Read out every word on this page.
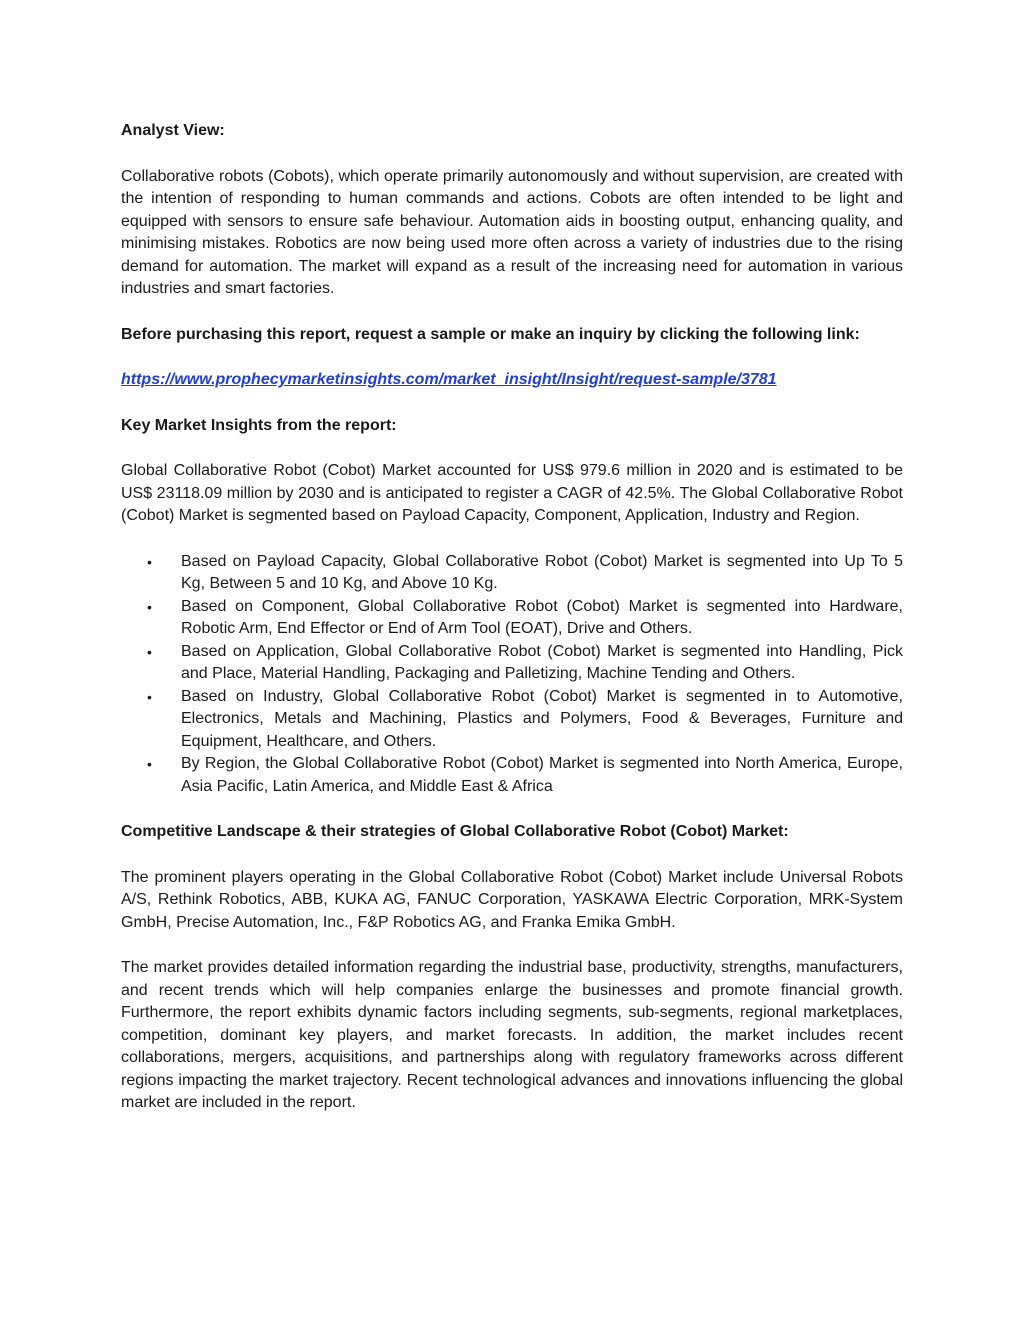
Analyst View:
Collaborative robots (Cobots), which operate primarily autonomously and without supervision, are created with the intention of responding to human commands and actions. Cobots are often intended to be light and equipped with sensors to ensure safe behaviour. Automation aids in boosting output, enhancing quality, and minimising mistakes. Robotics are now being used more often across a variety of industries due to the rising demand for automation. The market will expand as a result of the increasing need for automation in various industries and smart factories.
Before purchasing this report, request a sample or make an inquiry by clicking the following link:
https://www.prophecymarketinsights.com/market_insight/Insight/request-sample/3781
Key Market Insights from the report:
Global Collaborative Robot (Cobot) Market accounted for US$ 979.6 million in 2020 and is estimated to be US$ 23118.09 million by 2030 and is anticipated to register a CAGR of 42.5%. The Global Collaborative Robot (Cobot) Market is segmented based on Payload Capacity, Component, Application, Industry and Region.
• Based on Payload Capacity, Global Collaborative Robot (Cobot) Market is segmented into Up To 5 Kg, Between 5 and 10 Kg, and Above 10 Kg.
• Based on Component, Global Collaborative Robot (Cobot) Market is segmented into Hardware, Robotic Arm, End Effector or End of Arm Tool (EOAT), Drive and Others.
• Based on Application, Global Collaborative Robot (Cobot) Market is segmented into Handling, Pick and Place, Material Handling, Packaging and Palletizing, Machine Tending and Others.
• Based on Industry, Global Collaborative Robot (Cobot) Market is segmented in to Automotive, Electronics, Metals and Machining, Plastics and Polymers, Food & Beverages, Furniture and Equipment, Healthcare, and Others.
• By Region, the Global Collaborative Robot (Cobot) Market is segmented into North America, Europe, Asia Pacific, Latin America, and Middle East & Africa
Competitive Landscape & their strategies of Global Collaborative Robot (Cobot) Market:
The prominent players operating in the Global Collaborative Robot (Cobot) Market include Universal Robots A/S, Rethink Robotics, ABB, KUKA AG, FANUC Corporation, YASKAWA Electric Corporation, MRK-System GmbH, Precise Automation, Inc., F&P Robotics AG, and Franka Emika GmbH.
The market provides detailed information regarding the industrial base, productivity, strengths, manufacturers, and recent trends which will help companies enlarge the businesses and promote financial growth. Furthermore, the report exhibits dynamic factors including segments, sub-segments, regional marketplaces, competition, dominant key players, and market forecasts. In addition, the market includes recent collaborations, mergers, acquisitions, and partnerships along with regulatory frameworks across different regions impacting the market trajectory. Recent technological advances and innovations influencing the global market are included in the report.
